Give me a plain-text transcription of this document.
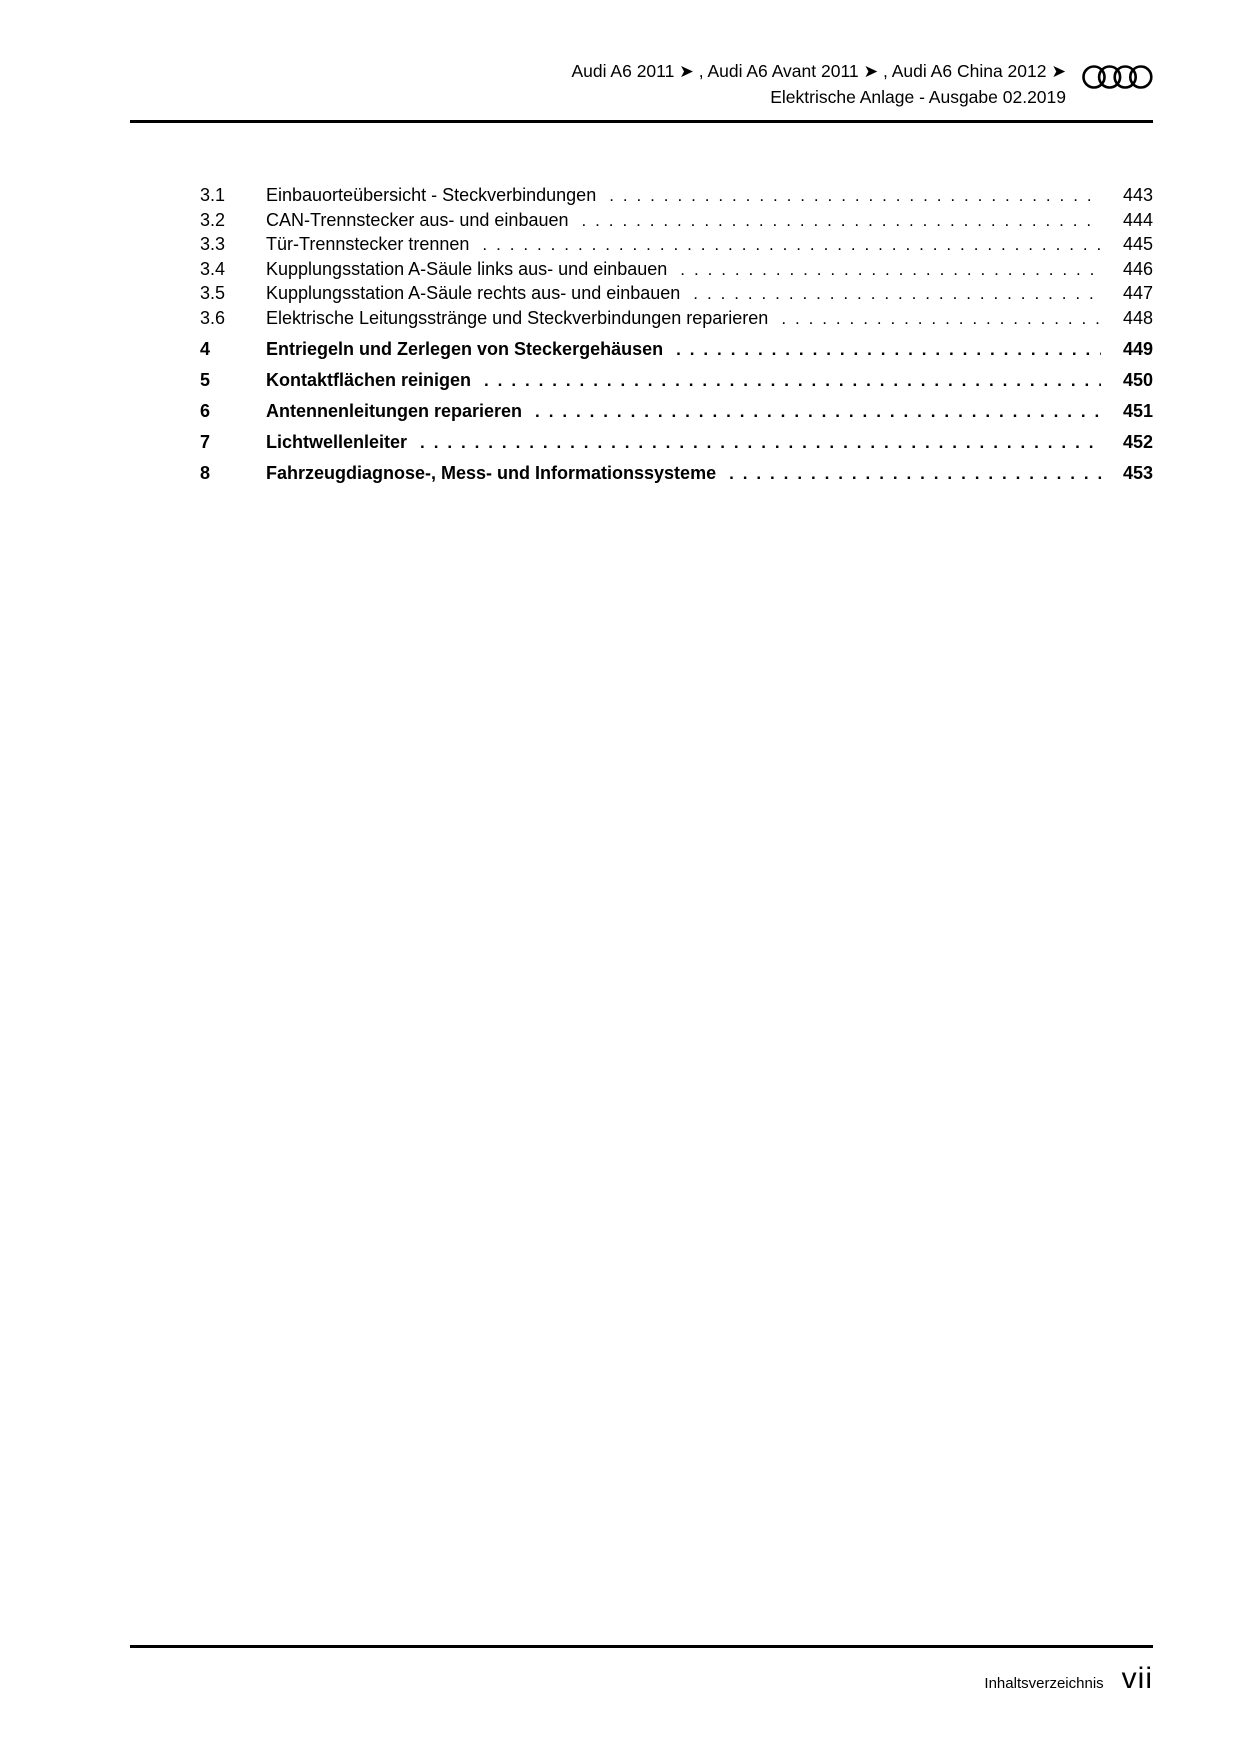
Audi A6 2011 ➤ , Audi A6 Avant 2011 ➤ , Audi A6 China 2012 ➤
Elektrische Anlage - Ausgabe 02.2019
3.1	Einbauorteübersicht - Steckverbindungen . . .	443
3.2	CAN-Trennstecker aus- und einbauen . . .	444
3.3	Tür-Trennstecker trennen . . .	445
3.4	Kupplungsstation A-Säule links aus- und einbauen . . .	446
3.5	Kupplungsstation A-Säule rechts aus- und einbauen . . .	447
3.6	Elektrische Leitungsstränge und Steckverbindungen reparieren . . .	448
4	Entriegeln und Zerlegen von Steckergehäusen . . .	449
5	Kontaktflächen reinigen . . .	450
6	Antennenleitungen reparieren . . .	451
7	Lichtwellenleiter . . .	452
8	Fahrzeugdiagnose-, Mess- und Informationssysteme . . .	453
Inhaltsverzeichnis vii
